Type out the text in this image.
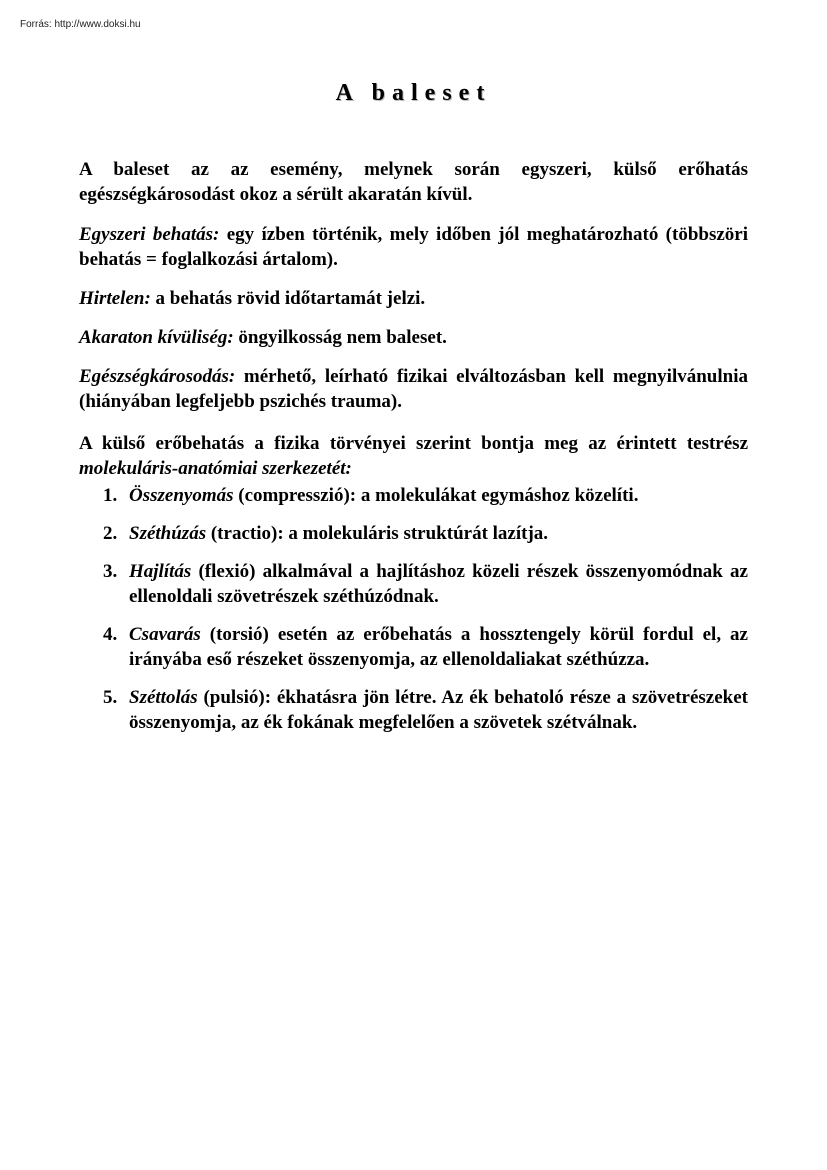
Forrás: http://www.doksi.hu
A baleset

A baleset az az esemény, melynek során egyszeri, külső erőhatás egészségkárosodást okoz a sérült akaratán kívül.

Egyszeri behatás: egy ízben történik, mely időben jól meghatározható (többszöri behatás = foglalkozási ártalom).

Hirtelen: a behatás rövid időtartamát jelzi.

Akaraton kívüliség: öngyilkosság nem baleset.

Egészségkárosodás: mérhető, leírható fizikai elváltozásban kell megnyilvánulnia (hiányában legfeljebb pszichés trauma).

A külső erőbehatás a fizika törvényei szerint bontja meg az érintett testrész molekuláris-anatómiai szerkezetét:

1. Összenyomás (compresszió): a molekulákat egymáshoz közelíti.
2. Széthúzás (tractio): a molekuláris struktúrát lazítja.
3. Hajlítás (flexió) alkalmával a hajlításhoz közeli részek összenyomódnak az ellenoldali szövetrészek széthúzódnak.
4. Csavarás (torsió) esetén az erőbehatás a hossztengely körül fordul el, az irányába eső részeket összenyomja, az ellenoldaliakat széthúzza.
5. Széttolás (pulsió): ékhatásra jön létre. Az ék behatoló része a szövetrészeket összenyomja, az ék fokának megfelelően a szövetek szétválnak.
